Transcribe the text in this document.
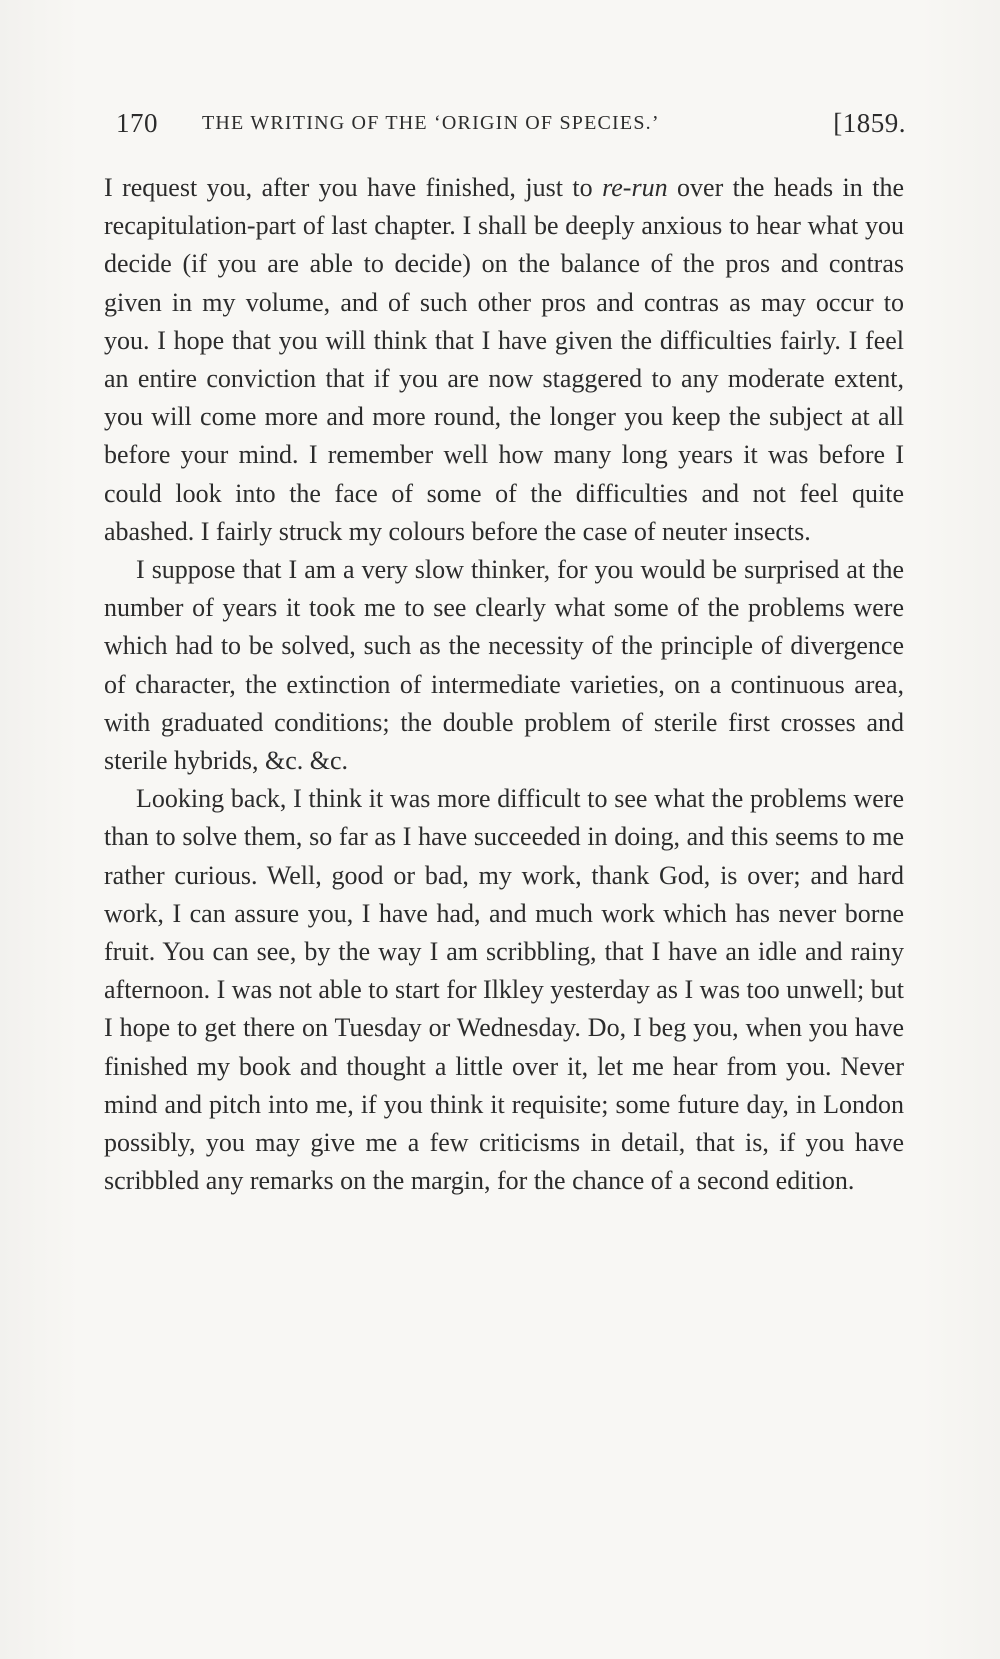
170 THE WRITING OF THE ‘ORIGIN OF SPECIES.’	[1859.

I request you, after you have finished, just to re-run over the heads in the recapitulation-part of last chapter. I shall be deeply anxious to hear what you decide (if you are able to decide) on the balance of the pros and contras given in my volume, and of such other pros and contras as may occur to you. I hope that you will think that I have given the difficulties fairly. I feel an entire conviction that if you are now staggered to any moderate extent, you will come more and more round, the longer you keep the subject at all before your mind. I remember well how many long years it was before I could look into the face of some of the difficulties and not feel quite abashed. I fairly struck my colours before the case of neuter insects.

I suppose that I am a very slow thinker, for you would be surprised at the number of years it took me to see clearly what some of the problems were which had to be solved, such as the necessity of the principle of divergence of character, the extinction of intermediate varieties, on a continuous area, with graduated conditions; the double problem of sterile first crosses and sterile hybrids, &c. &c.

Looking back, I think it was more difficult to see what the problems were than to solve them, so far as I have succeeded in doing, and this seems to me rather curious. Well, good or bad, my work, thank God, is over; and hard work, I can assure you, I have had, and much work which has never borne fruit. You can see, by the way I am scribbling, that I have an idle and rainy afternoon. I was not able to start for Ilkley yesterday as I was too unwell; but I hope to get there on Tuesday or Wednesday. Do, I beg you, when you have finished my book and thought a little over it, let me hear from you. Never mind and pitch into me, if you think it requisite; some future day, in London possibly, you may give me a few criticisms in detail, that is, if you have scribbled any remarks on the margin, for the chance of a second edition.
